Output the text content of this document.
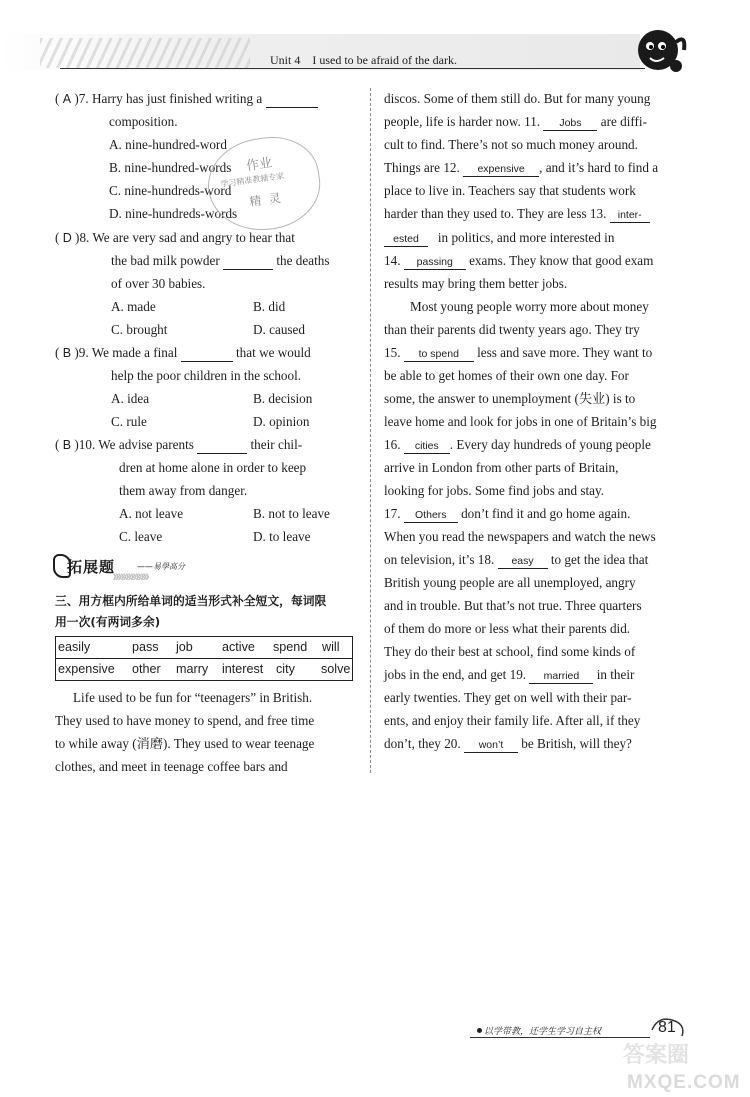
Unit 4 I used to be afraid of the dark.
( A )7. Harry has just finished writing a
composition.
A. nine-hundred-word
B. nine-hundred-words
C. nine-hundreds-word
D. nine-hundreds-words
( D )8. We are very sad and angry to hear that
the bad milk powder	the deaths
of over 30 babies.
A. made	B. did
C. brought	D. caused
( B )9. We made a final	that we would
help the poor children in the school.
A. idea	B. decision
C. rule	D. opinion
( B )10. We advise parents	their chil-
dren at home alone in order to keep
them away from danger.
A. not leave	B. not to leave
C. leave	D. to leave
作业
学习精准教辅专家
精  灵
拓展题	——易學高分
》》》》》》》》》》》》》》
三、用方框内所给单词的适当形式补全短文，每词限
用一次(有两词多余)
easily	pass job active spend will
expensive other marry interest city solve
Life used to be fun for “teenagers” in British.
They used to have money to spend, and free time
to while away (消磨). They used to wear teenage
clothes, and meet in teenage coffee bars and
discos. Some of them still do. But for many young
people, life is harder now. 11. Jobs are diffi-
cult to find. There’s not so much money around.
Things are 12. expensive , and it’s hard to find a
place to live in. Teachers say that students work
harder than they used to. They are less 13. inter-
ested in politics, and more interested in
14. passing exams. They know that good exam
results may bring them better jobs.
Most young people worry more about money
than their parents did twenty years ago. They try
15. to spend less and save more. They want to
be able to get homes of their own one day. For
some, the answer to unemployment (失业) is to
leave home and look for jobs in one of Britain’s big
16. cities . Every day hundreds of young people
arrive in London from other parts of Britain,
looking for jobs. Some find jobs and stay.
17. Others don’t find it and go home again.
When you read the newspapers and watch the news
on television, it’s 18. easy to get the idea that
British young people are all unemployed, angry
and in trouble. But that’s not true. Three quarters
of them do more or less what their parents did.
They do their best at school, find some kinds of
jobs in the end, and get 19. married in their
early twenties. They get on well with their par-
ents, and enjoy their family life. After all, if they
don’t, they 20. won’t be British, will they?
以学带教，还学生学习自主权	81
答案圈
MXQE.COM
